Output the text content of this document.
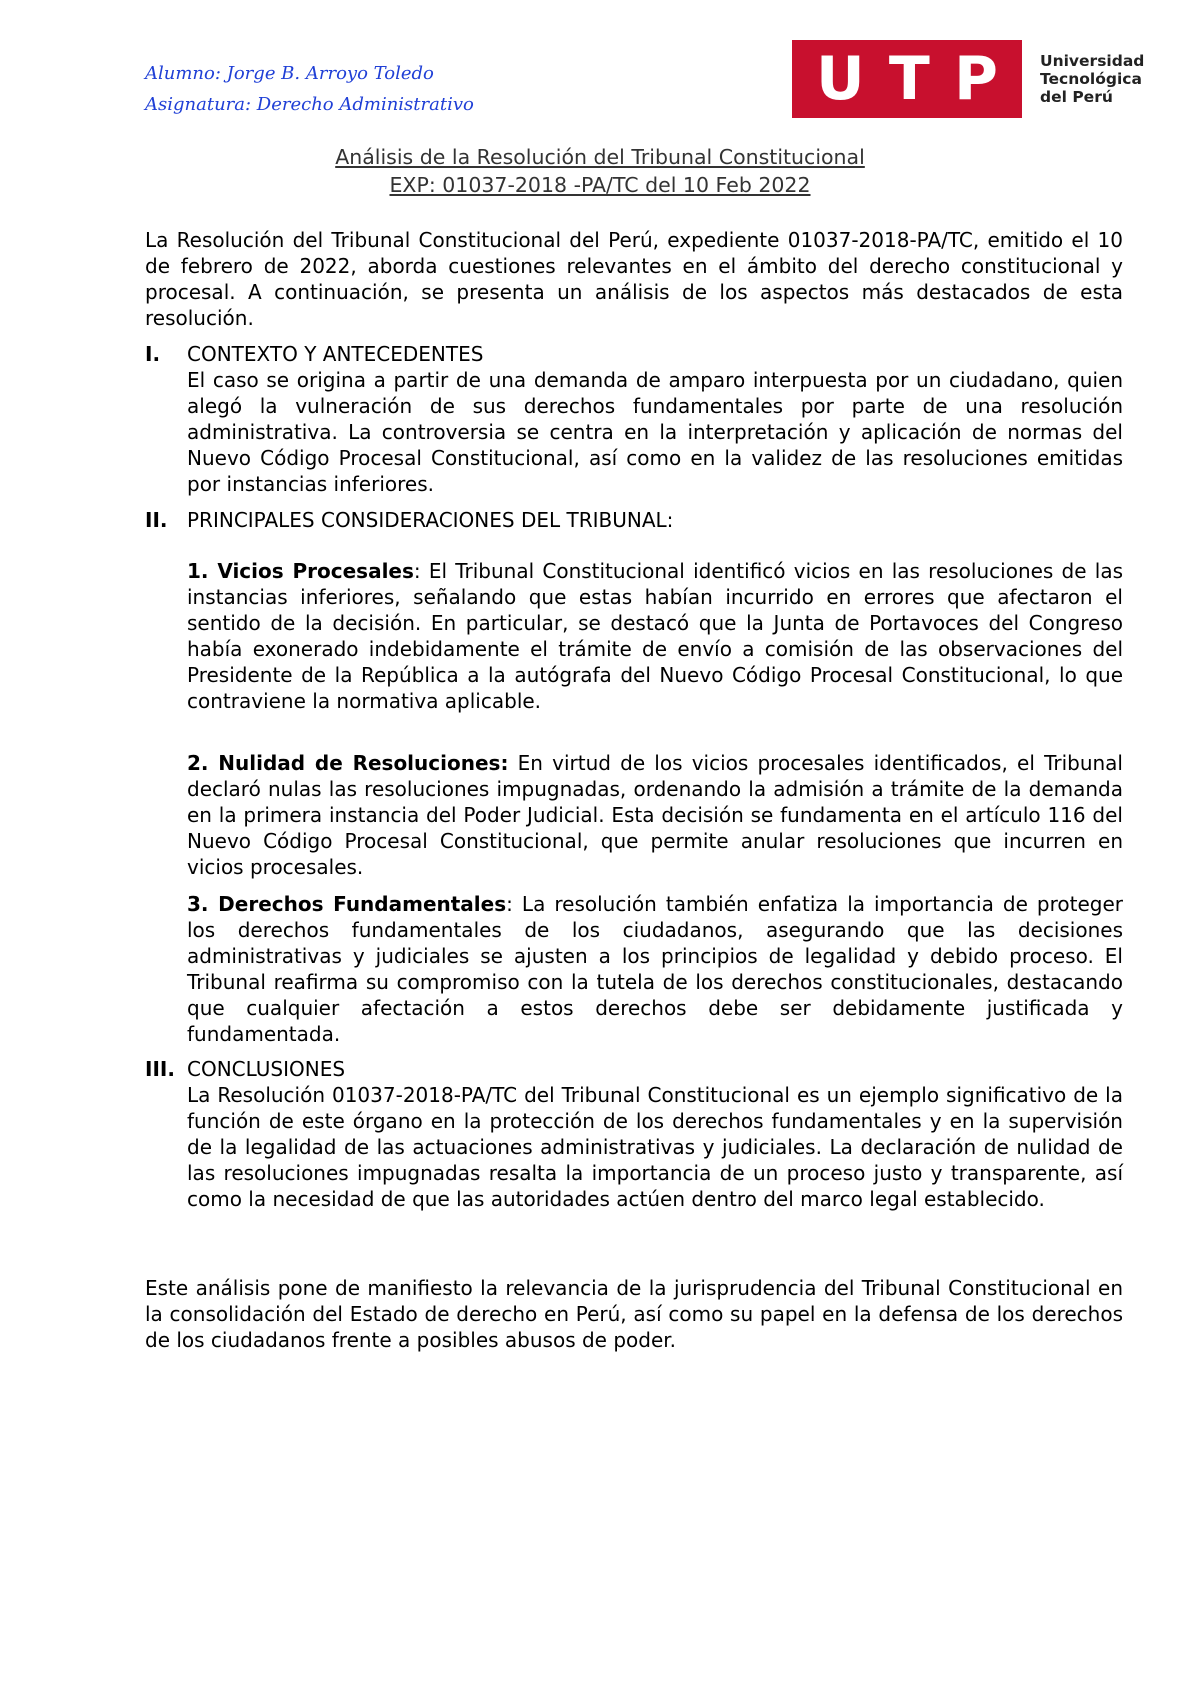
Alumno: Jorge B. Arroyo Toledo
Asignatura: Derecho Administrativo	U T P	Universidad
Tecnológica
del Perú
Análisis de la Resolución del Tribunal Constitucional
EXP: 01037-2018 -PA/TC del 10 Feb 2022
La Resolución del Tribunal Constitucional del Perú, expediente 01037-2018-PA/TC, emitido el 10 de febrero de 2022, aborda cuestiones relevantes en el ámbito del derecho constitucional y procesal. A continuación, se presenta un análisis de los aspectos más destacados de esta resolución.
I. CONTEXTO Y ANTECEDENTES
El caso se origina a partir de una demanda de amparo interpuesta por un ciudadano, quien alegó la vulneración de sus derechos fundamentales por parte de una resolución administrativa. La controversia se centra en la interpretación y aplicación de normas del Nuevo Código Procesal Constitucional, así como en la validez de las resoluciones emitidas por instancias inferiores.
II. PRINCIPALES CONSIDERACIONES DEL TRIBUNAL:
1. Vicios Procesales: El Tribunal Constitucional identificó vicios en las resoluciones de las instancias inferiores, señalando que estas habían incurrido en errores que afectaron el sentido de la decisión. En particular, se destacó que la Junta de Portavoces del Congreso había exonerado indebidamente el trámite de envío a comisión de las observaciones del Presidente de la República a la autógrafa del Nuevo Código Procesal Constitucional, lo que contraviene la normativa aplicable.
2. Nulidad de Resoluciones: En virtud de los vicios procesales identificados, el Tribunal declaró nulas las resoluciones impugnadas, ordenando la admisión a trámite de la demanda en la primera instancia del Poder Judicial. Esta decisión se fundamenta en el artículo 116 del Nuevo Código Procesal Constitucional, que permite anular resoluciones que incurren en vicios procesales.
3. Derechos Fundamentales: La resolución también enfatiza la importancia de proteger los derechos fundamentales de los ciudadanos, asegurando que las decisiones administrativas y judiciales se ajusten a los principios de legalidad y debido proceso. El Tribunal reafirma su compromiso con la tutela de los derechos constitucionales, destacando que cualquier afectación a estos derechos debe ser debidamente justificada y fundamentada.
III. CONCLUSIONES
La Resolución 01037-2018-PA/TC del Tribunal Constitucional es un ejemplo significativo de la función de este órgano en la protección de los derechos fundamentales y en la supervisión de la legalidad de las actuaciones administrativas y judiciales. La declaración de nulidad de las resoluciones impugnadas resalta la importancia de un proceso justo y transparente, así como la necesidad de que las autoridades actúen dentro del marco legal establecido.
Este análisis pone de manifiesto la relevancia de la jurisprudencia del Tribunal Constitucional en la consolidación del Estado de derecho en Perú, así como su papel en la defensa de los derechos de los ciudadanos frente a posibles abusos de poder.
